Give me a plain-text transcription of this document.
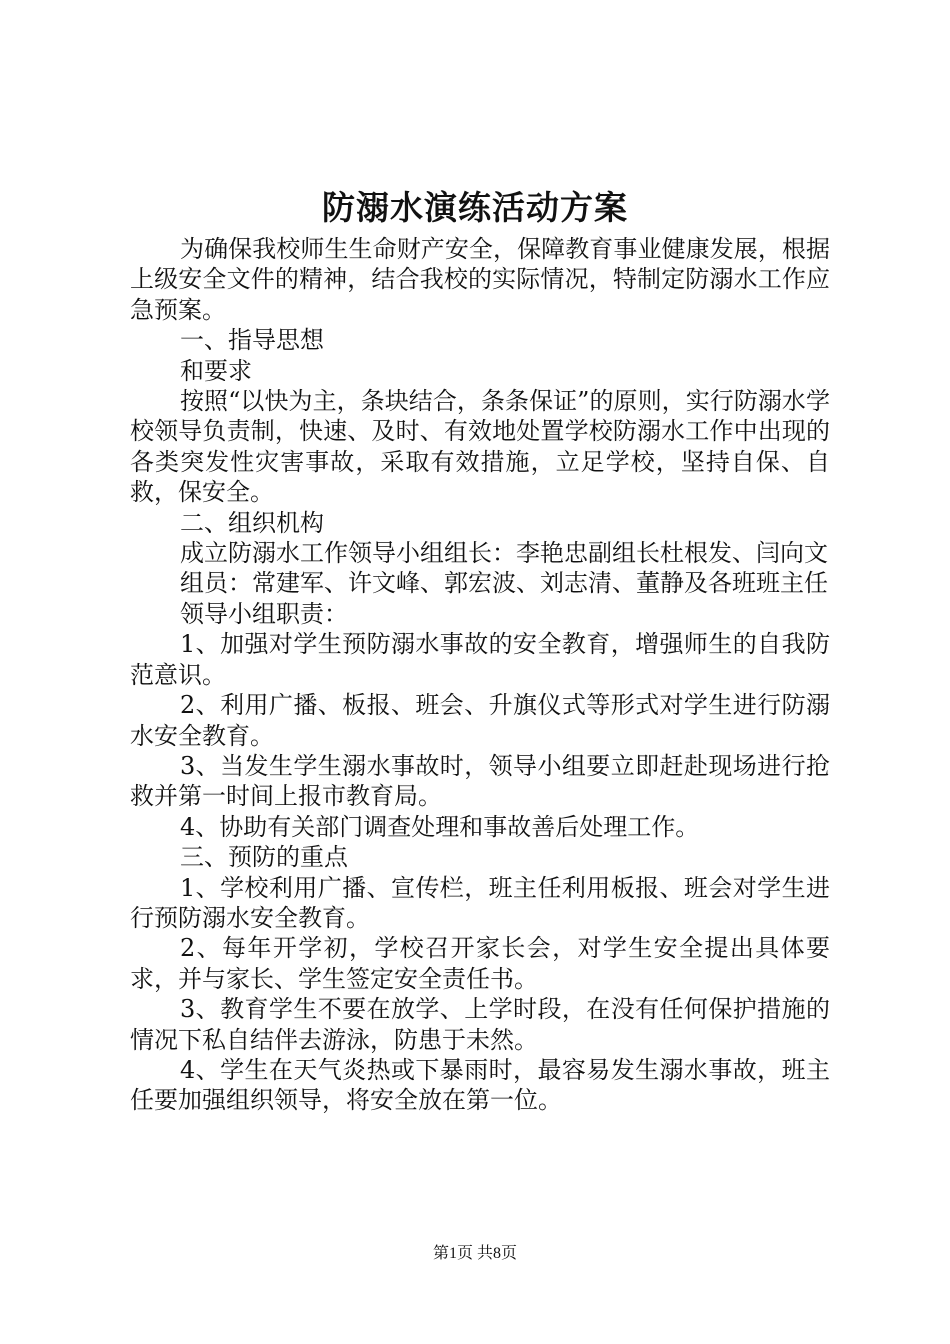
防溺水演练活动方案

为确保我校师生生命财产安全，保障教育事业健康发展，根据上级安全文件的精神，结合我校的实际情况，特制定防溺水工作应急预案。

一、指导思想

和要求

按照“以快为主，条块结合，条条保证”的原则，实行防溺水学校领导负责制，快速、及时、有效地处置学校防溺水工作中出现的各类突发性灾害事故，采取有效措施，立足学校，坚持自保、自救，保安全。

二、组织机构

成立防溺水工作领导小组组长：李艳忠副组长杜根发、闫向文

组员：常建军、许文峰、郭宏波、刘志清、董静及各班班主任

领导小组职责：

1、加强对学生预防溺水事故的安全教育，增强师生的自我防范意识。

2、利用广播、板报、班会、升旗仪式等形式对学生进行防溺水安全教育。

3、当发生学生溺水事故时，领导小组要立即赶赴现场进行抢救并第一时间上报市教育局。

4、协助有关部门调查处理和事故善后处理工作。

三、预防的重点

1、学校利用广播、宣传栏，班主任利用板报、班会对学生进行预防溺水安全教育。

2、每年开学初，学校召开家长会，对学生安全提出具体要求，并与家长、学生签定安全责任书。

3、教育学生不要在放学、上学时段，在没有任何保护措施的情况下私自结伴去游泳，防患于未然。

4、学生在天气炎热或下暴雨时，最容易发生溺水事故，班主任要加强组织领导，将安全放在第一位。

第1页 共8页
